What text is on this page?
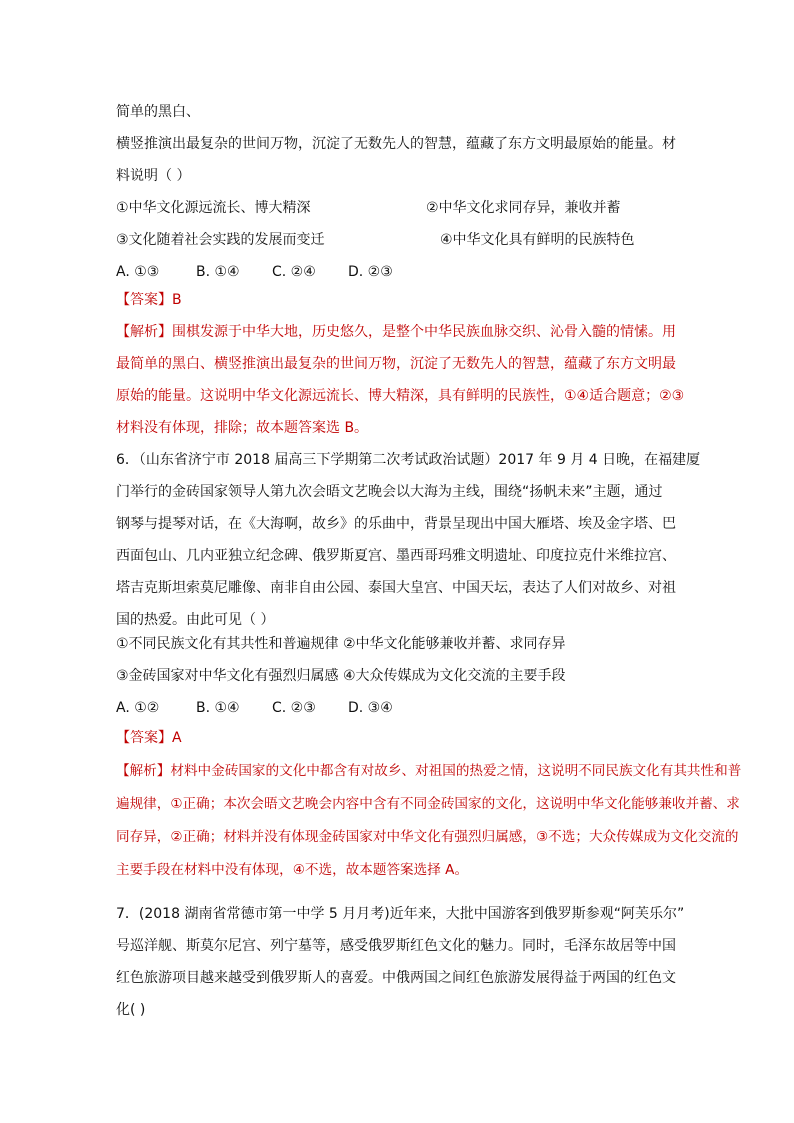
简单的黑白、
横竖推演出最复杂的世间万物，沉淀了无数先人的智慧，蕴藏了东方文明最原始的能量。材
料说明（ ）
①中华文化源远流长、博大精深	②中华文化求同存异，兼收并蓄
③文化随着社会实践的发展而变迁	④中华文化具有鲜明的民族特色
A. ①③	B. ①④ C. ②④ D. ②③
【答案】B
【解析】围棋发源于中华大地，历史悠久，是整个中华民族血脉交织、沁骨入髓的情愫。用
最简单的黑白、横竖推演出最复杂的世间万物，沉淀了无数先人的智慧，蕴藏了东方文明最
原始的能量。这说明中华文化源远流长、博大精深，具有鲜明的民族性，①④适合题意；②③
材料没有体现，排除；故本题答案选 B。
6．（山东省济宁市 2018 届高三下学期第二次考试政治试题）2017 年 9 月 4 日晚，在福建厦
门举行的金砖国家领导人第九次会晤文艺晚会以大海为主线，围绕“扬帆未来”主题，通过
钢琴与提琴对话，在《大海啊，故乡》的乐曲中，背景呈现出中国大雁塔、埃及金字塔、巴
西面包山、几内亚独立纪念碑、俄罗斯夏宫、墨西哥玛雅文明遗址、印度拉克什米维拉宫、
塔吉克斯坦索莫尼雕像、南非自由公园、泰国大皇宫、中国天坛，表达了人们对故乡、对祖
国的热爱。由此可见（ ）
①不同民族文化有其共性和普遍规律 ②中华文化能够兼收并蓄、求同存异
③金砖国家对中华文化有强烈归属感 ④大众传媒成为文化交流的主要手段
A. ①②	B. ①④ C. ②③ D. ③④
【答案】A
【解析】材料中金砖国家的文化中都含有对故乡、对祖国的热爱之情，这说明不同民族文化有其共性和普
遍规律，①正确；本次会晤文艺晚会内容中含有不同金砖国家的文化，这说明中华文化能够兼收并蓄、求
同存异，②正确；材料并没有体现金砖国家对中华文化有强烈归属感，③不选；大众传媒成为文化交流的
主要手段在材料中没有体现，④不选，故本题答案选择 A。
7．(2018 湖南省常德市第一中学 5 月月考)近年来，大批中国游客到俄罗斯参观“阿芙乐尔”
号巡洋舰、斯莫尔尼宫、列宁墓等，感受俄罗斯红色文化的魅力。同时，毛泽东故居等中国
红色旅游项目越来越受到俄罗斯人的喜爱。中俄两国之间红色旅游发展得益于两国的红色文
化( )
